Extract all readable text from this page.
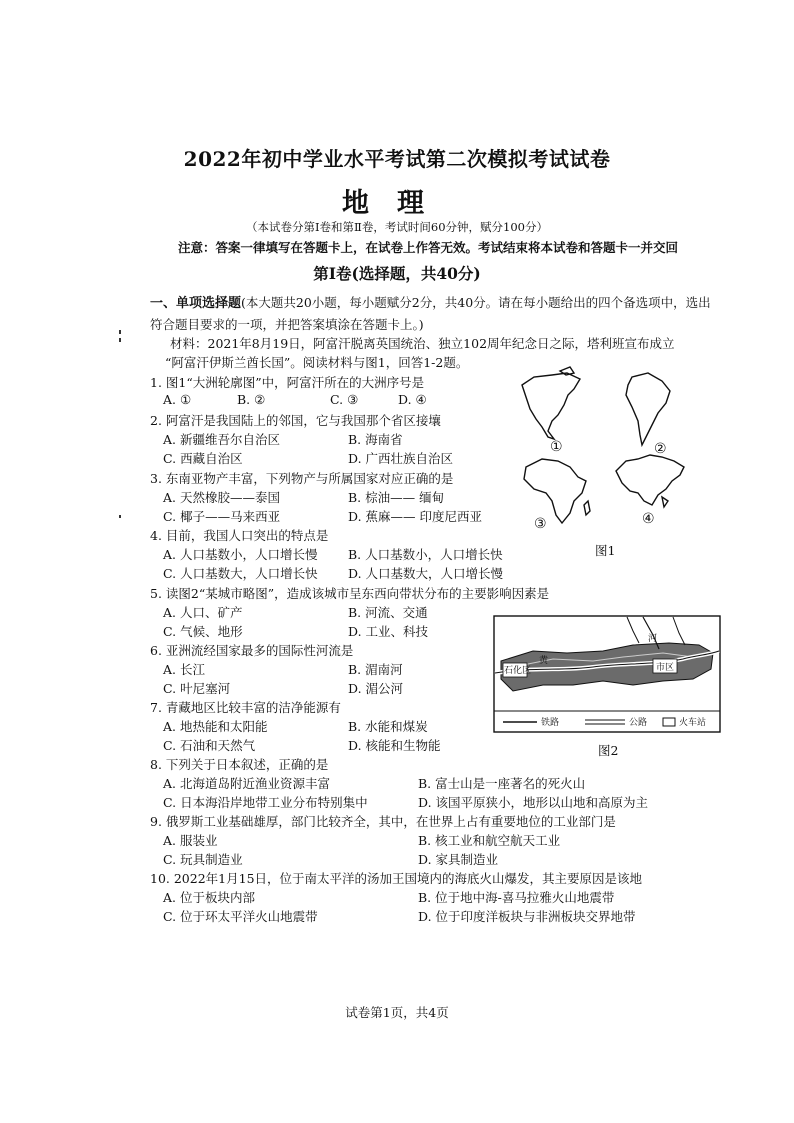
2022年初中学业水平考试第二次模拟考试试卷
地理
（本试卷分第Ⅰ卷和第Ⅱ卷，考试时间60分钟，赋分100分）
注意：答案一律填写在答题卡上，在试卷上作答无效。考试结束将本试卷和答题卡一并交回
第Ⅰ卷(选择题，共40分)
一、单项选择题(本大题共20小题，每小题赋分2分，共40分。请在每小题给出的四个备选项中，选出
符合题目要求的一项，并把答案填涂在答题卡上。)
材料：2021年8月19日，阿富汗脱离英国统治、独立102周年纪念日之际，塔利班宣布成立
“阿富汗伊斯兰酋长国”。阅读材料与图1，回答1-2题。
1. 图1“大洲轮廓图”中，阿富汗所在的大洲序号是
A. ①	B. ②	C. ③	D. ④
2. 阿富汗是我国陆上的邻国，它与我国那个省区接壤
A. 新疆维吾尔自治区	B. 海南省
C. 西藏自治区	D. 广西壮族自治区
3. 东南亚物产丰富，下列物产与所属国家对应正确的是
A. 天然橡胶——泰国	B. 棕油—— 缅甸
C. 椰子——马来西亚	D. 蕉麻—— 印度尼西亚
4. 目前，我国人口突出的特点是
A. 人口基数小，人口增长慢 B. 人口基数小，人口增长快
C. 人口基数大，人口增长快 D. 人口基数大，人口增长慢
5. 读图2“某城市略图”，造成该城市呈东西向带状分布的主要影响因素是
A. 人口、矿产	B. 河流、交通
C. 气候、地形	D. 工业、科技
6. 亚洲流经国家最多的国际性河流是
A. 长江	B. 湄南河
C. 叶尼塞河	D. 湄公河
7. 青藏地区比较丰富的洁净能源有
A. 地热能和太阳能	B. 水能和煤炭
C. 石油和天然气	D. 核能和生物能
8. 下列关于日本叙述，正确的是
A. 北海道岛附近渔业资源丰富	B. 富士山是一座著名的死火山
C. 日本海沿岸地带工业分布特别集中	D. 该国平原狭小，地形以山地和高原为主
9. 俄罗斯工业基础雄厚，部门比较齐全，其中，在世界上占有重要地位的工业部门是
A. 服装业	B. 核工业和航空航天工业
C. 玩具制造业	D. 家具制造业
10. 2022年1月15日，位于南太平洋的汤加王国境内的海底火山爆发，其主要原因是该地
A. 位于板块内部	B. 位于地中海-喜马拉雅火山地震带
C. 位于环太平洋火山地震带	D. 位于印度洋板块与非洲板块交界地带
①	②
③	④
图1
河
石化区
黄
市区
铁路	公路	火车站
图2
试卷第1页，共4页
